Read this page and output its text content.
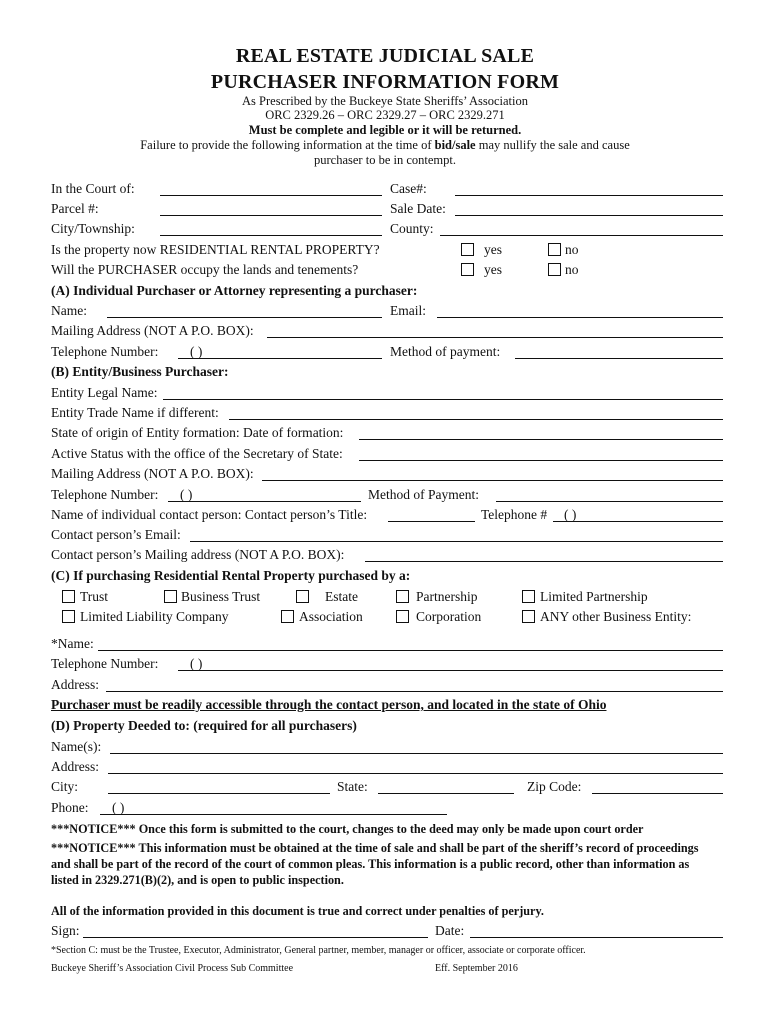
REAL ESTATE JUDICIAL SALE
PURCHASER INFORMATION FORM
As Prescribed by the Buckeye State Sheriffs’ Association
ORC 2329.26 – ORC 2329.27 – ORC 2329.271
Must be complete and legible or it will be returned.
Failure to provide the following information at the time of bid/sale may nullify the sale and cause
purchaser to be in contempt.
In the Court of:	Case#:
Parcel #:	Sale Date:
City/Township:	County:
Is the property now RESIDENTIAL RENTAL PROPERTY?	yes	no
Will the PURCHASER occupy the lands and tenements?	yes	no
(A) Individual Purchaser or Attorney representing a purchaser:
Name:	Email:
Mailing Address (NOT A P.O. BOX):
Telephone Number: ( )	Method of payment:
(B) Entity/Business Purchaser:
Entity Legal Name:
Entity Trade Name if different:
State of origin of Entity formation: Date of formation:
Active Status with the office of the Secretary of State:
Mailing Address (NOT A P.O. BOX):
Telephone Number: ( )	Method of Payment:
Name of individual contact person: Contact person’s Title:	Telephone # ( )
Contact person’s Email:
Contact person’s Mailing address (NOT A P.O. BOX):
(C) If purchasing Residential Rental Property purchased by a:
Trust	Business Trust	Estate	Partnership	Limited Partnership
Limited Liability Company	Association	Corporation	ANY other Business Entity:
*Name:
Telephone Number: ( )
Address:
Purchaser must be readily accessible through the contact person, and located in the state of Ohio
(D) Property Deeded to: (required for all purchasers)
Name(s):
Address:
City:	State:	Zip Code:
Phone: ( )
***NOTICE*** Once this form is submitted to the court, changes to the deed may only be made upon court order
***NOTICE*** This information must be obtained at the time of sale and shall be part of the sheriff’s record of proceedings
and shall be part of the record of the court of common pleas. This information is a public record, other than information as
listed in 2329.271(B)(2), and is open to public inspection.
All of the information provided in this document is true and correct under penalties of perjury.
Sign:	Date:
*Section C: must be the Trustee, Executor, Administrator, General partner, member, manager or officer, associate or corporate officer.
Buckeye Sheriff’s Association Civil Process Sub Committee	Eff. September 2016
